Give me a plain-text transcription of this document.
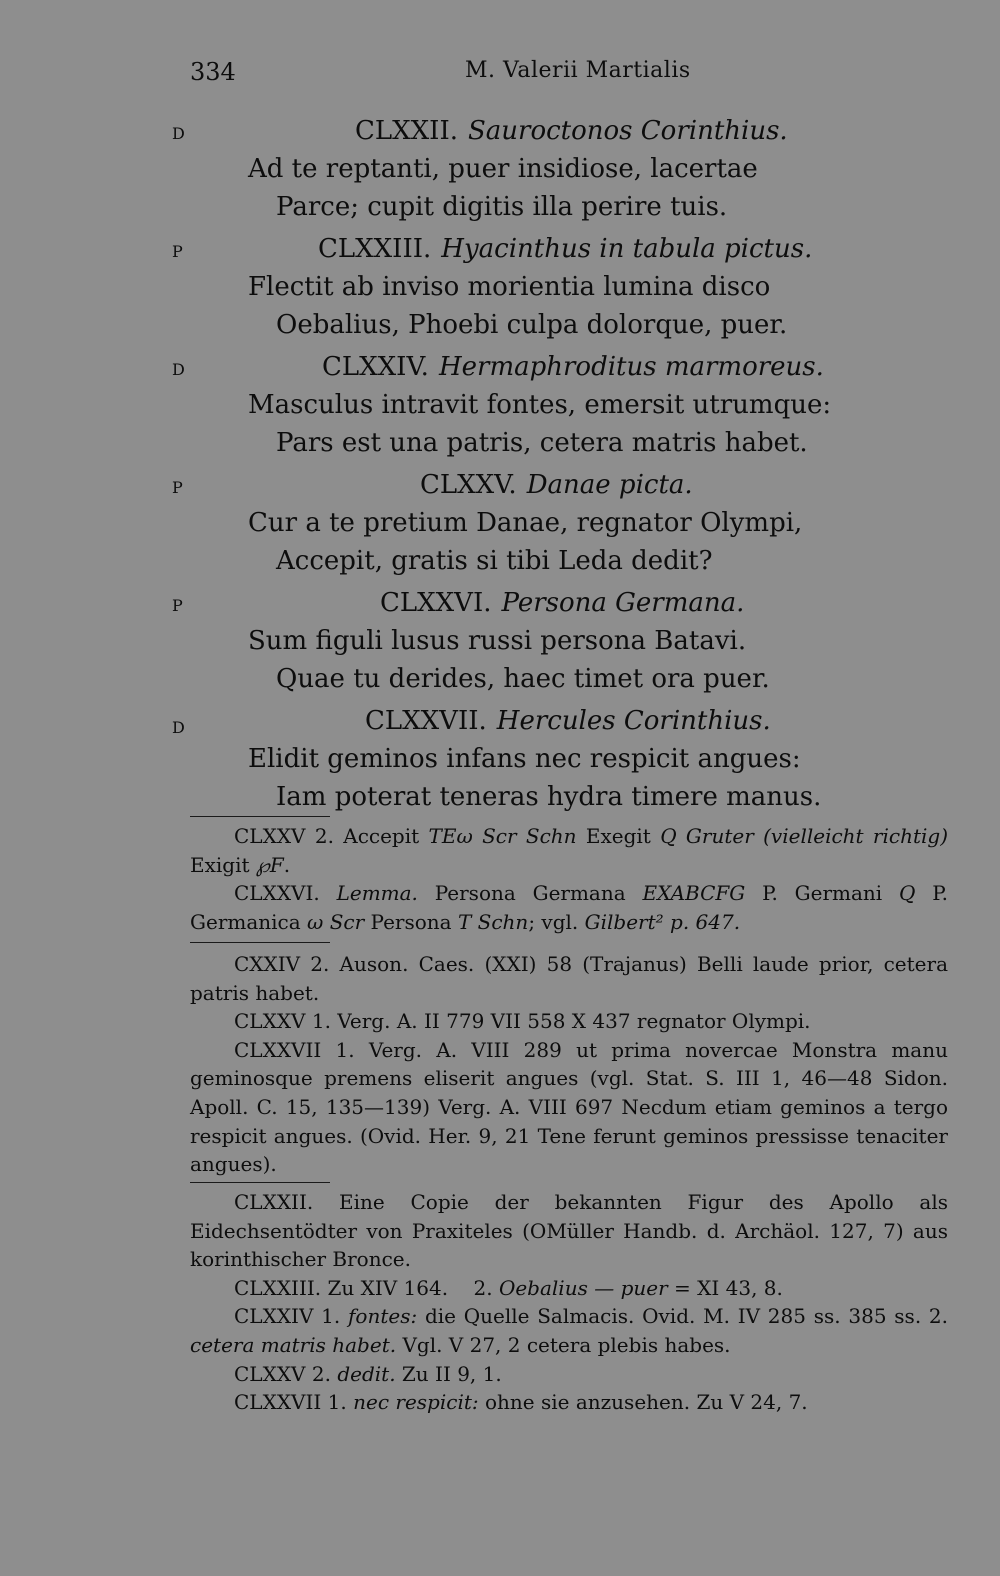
334	M. Valerii Martialis
D	CLXXII. Sauroctonos Corinthius.
Ad te reptanti, puer insidiose, lacertae
Parce; cupit digitis illa perire tuis.
P	CLXXIII. Hyacinthus in tabula pictus.
Flectit ab inviso morientia lumina disco
Oebalius, Phoebi culpa dolorque, puer.
D	CLXXIV. Hermaphroditus marmoreus.
Masculus intravit fontes, emersit utrumque:
Pars est una patris, cetera matris habet.
P	CLXXV. Danae picta.
Cur a te pretium Danae, regnator Olympi,
Accepit, gratis si tibi Leda dedit?
P	CLXXVI. Persona Germana.
Sum figuli lusus russi persona Batavi.
Quae tu derides, haec timet ora puer.
D	CLXXVII. Hercules Corinthius.
Elidit geminos infans nec respicit angues:
Iam poterat teneras hydra timere manus.

CLXXV 2. Accepit TEω Scr Schn Exegit Q Gruter (vielleicht richtig) Exigit ℘F.

CLXXVI. Lemma. Persona Germana EXABCFG P. Germani Q P. Germanica ω Scr Persona T Schn; vgl. Gilbert² p. 647.

CXXIV 2. Auson. Caes. (XXI) 58 (Trajanus) Belli laude prior, cetera patris habet.

CLXXV 1. Verg. A. II 779 VII 558 X 437 regnator Olympi.

CLXXVII 1. Verg. A. VIII 289 ut prima novercae Monstra manu geminosque premens eliserit angues (vgl. Stat. S. III 1, 46—48 Sidon. Apoll. C. 15, 135—139) Verg. A. VIII 697 Necdum etiam geminos a tergo respicit angues. (Ovid. Her. 9, 21 Tene ferunt geminos pressisse tenaciter angues).

CLXXII. Eine Copie der bekannten Figur des Apollo als Eidechsentödter von Praxiteles (OMüller Handb. d. Archäol. 127, 7) aus korinthischer Bronce.

CLXXIII. Zu XIV 164.    2. Oebalius — puer = XI 43, 8.

CLXXIV 1. fontes: die Quelle Salmacis. Ovid. M. IV 285 ss. 385 ss. 2. cetera matris habet. Vgl. V 27, 2 cetera plebis habes.

CLXXV 2. dedit. Zu II 9, 1.

CLXXVII 1. nec respicit: ohne sie anzusehen. Zu V 24, 7.
